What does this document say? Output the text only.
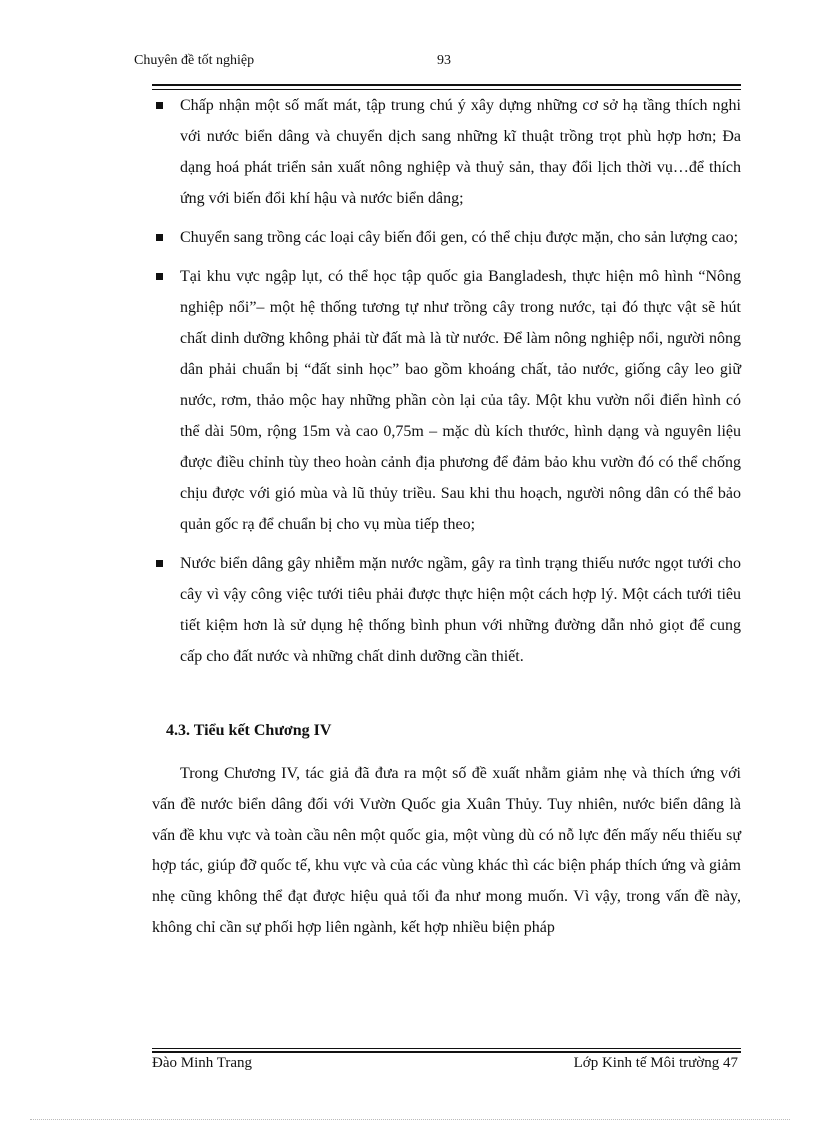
Chuyên đề tốt nghiệp	93
Chấp nhận một số mất mát, tập trung chú ý xây dựng những cơ sở hạ tầng thích nghi với nước biển dâng và chuyển dịch sang những kĩ thuật trồng trọt phù hợp hơn; Đa dạng hoá phát triển sản xuất nông nghiệp và thuỷ sản, thay đổi lịch thời vụ…để thích ứng với biến đổi khí hậu và nước biển dâng;
Chuyển sang trồng các loại cây biến đổi gen, có thể chịu được mặn, cho sản lượng cao;
Tại khu vực ngập lụt, có thể học tập quốc gia Bangladesh, thực hiện mô hình “Nông nghiệp nổi”– một hệ thống tương tự như trồng cây trong nước, tại đó thực vật sẽ hút chất dinh dưỡng không phải từ đất mà là từ nước. Để làm nông nghiệp nổi, người nông dân phải chuẩn bị “đất sinh học” bao gồm khoáng chất, tảo nước, giống cây leo giữ nước, rơm, thảo mộc hay những phần còn lại của tây. Một khu vườn nổi điển hình có thể dài 50m, rộng 15m và cao 0,75m – mặc dù kích thước, hình dạng và nguyên liệu được điều chỉnh tùy theo hoàn cảnh địa phương để đảm bảo khu vườn đó có thể chống chịu được với gió mùa và lũ thủy triều. Sau khi thu hoạch, người nông dân có thể bảo quản gốc rạ để chuẩn bị cho vụ mùa tiếp theo;
Nước biển dâng gây nhiễm mặn nước ngầm, gây ra tình trạng thiếu nước ngọt tưới cho cây vì vậy công việc tưới tiêu phải được thực hiện một cách hợp lý. Một cách tưới tiêu tiết kiệm hơn là sử dụng hệ thống bình phun với những đường dẫn nhỏ giọt để cung cấp cho đất nước và những chất dinh dưỡng cần thiết.
4.3. Tiểu kết Chương IV

Trong Chương IV, tác giả đã đưa ra một số đề xuất nhằm giảm nhẹ và thích ứng với vấn đề nước biển dâng đối với Vườn Quốc gia Xuân Thủy. Tuy nhiên, nước biển dâng là vấn đề khu vực và toàn cầu nên một quốc gia, một vùng dù có nỗ lực đến mấy nếu thiếu sự hợp tác, giúp đỡ quốc tế, khu vực và của các vùng khác thì các biện pháp thích ứng và giảm nhẹ cũng không thể đạt được hiệu quả tối đa như mong muốn. Vì vậy, trong vấn đề này, không chỉ cần sự phối hợp liên ngành, kết hợp nhiều biện pháp

Đào Minh Trang	Lớp Kinh tế Môi trường 47
